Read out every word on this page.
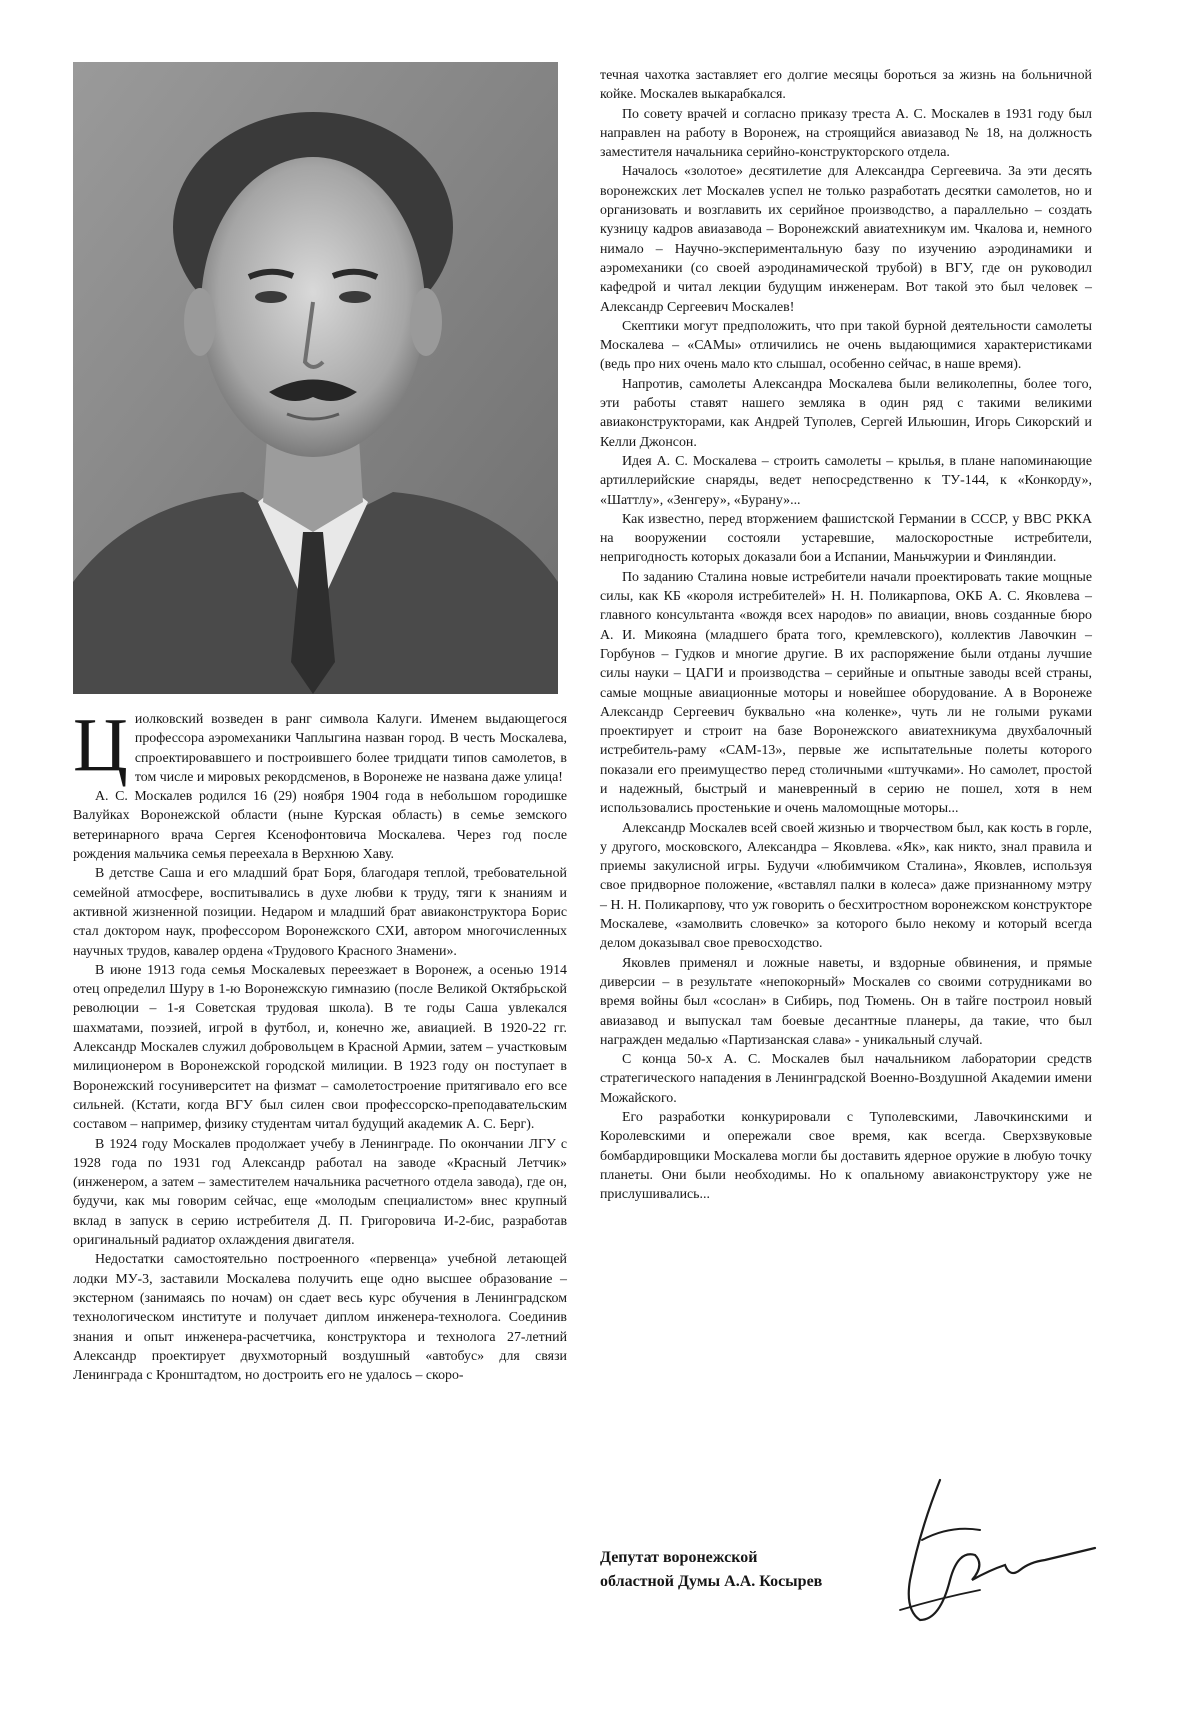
Циолковский возведен в ранг символа Калуги. Именем выдающегося профессора аэромеханики Чаплыгина назван город. В честь Москалева, спроектировавшего и построившего более тридцати типов самолетов, в том числе и мировых рекордсменов, в Воронеже не названа даже улица!

А. С. Москалев родился 16 (29) ноября 1904 года в небольшом городишке Валуйках Воронежской области (ныне Курская область) в семье земского ветеринарного врача Сергея Ксенофонтовича Москалева. Через год после рождения мальчика семья переехала в Верхнюю Хаву.

В детстве Саша и его младший брат Боря, благодаря теплой, требовательной семейной атмосфере, воспитывались в духе любви к труду, тяги к знаниям и активной жизненной позиции. Недаром и младший брат авиаконструктора Борис стал доктором наук, профессором Воронежского СХИ, автором многочисленных научных трудов, кавалер ордена «Трудового Красного Знамени».

В июне 1913 года семья Москалевых переезжает в Воронеж, а осенью 1914 отец определил Шуру в 1-ю Воронежскую гимназию (после Великой Октябрьской революции – 1-я Советская трудовая школа). В те годы Саша увлекался шахматами, поэзией, игрой в футбол, и, конечно же, авиацией. В 1920-22 гг. Александр Москалев служил добровольцем в Красной Армии, затем – участковым милиционером в Воронежской городской милиции. В 1923 году он поступает в Воронежский госуниверситет на физмат – самолетостроение притягивало его все сильней. (Кстати, когда ВГУ был силен свои профессорско-преподавательским составом – например, физику студентам читал будущий академик А. С. Берг).

В 1924 году Москалев продолжает учебу в Ленинграде. По окончании ЛГУ с 1928 года по 1931 год Александр работал на заводе «Красный Летчик» (инженером, а затем – заместителем начальника расчетного отдела завода), где он, будучи, как мы говорим сейчас, еще «молодым специалистом» внес крупный вклад в запуск в серию истребителя Д. П. Григоровича И-2-бис, разработав оригинальный радиатор охлаждения двигателя.

Недостатки самостоятельно построенного «первенца» учебной летающей лодки МУ-3, заставили Москалева получить еще одно высшее образование – экстерном (занимаясь по ночам) он сдает весь курс обучения в Ленинградском технологическом институте и получает диплом инженера-технолога. Соединив знания и опыт инженера-расчетчика, конструктора и технолога 27-летний Александр проектирует двухмоторный воздушный «автобус» для связи Ленинграда с Кронштадтом, но достроить его не удалось – скоро-

течная чахотка заставляет его долгие месяцы бороться за жизнь на больничной койке. Москалев выкарабкался.

По совету врачей и согласно приказу треста А. С. Москалев в 1931 году был направлен на работу в Воронеж, на строящийся авиазавод № 18, на должность заместителя начальника серийно-конструкторского отдела.

Началось «золотое» десятилетие для Александра Сергеевича. За эти десять воронежских лет Москалев успел не только разработать десятки самолетов, но и организовать и возглавить их серийное производство, а параллельно – создать кузницу кадров авиазавода – Воронежский авиатехникум им. Чкалова и, немного нимало – Научно-экспериментальную базу по изучению аэродинамики и аэромеханики (со своей аэродинамической трубой) в ВГУ, где он руководил кафедрой и читал лекции будущим инженерам. Вот такой это был человек – Александр Сергеевич Москалев!

Скептики могут предположить, что при такой бурной деятельности самолеты Москалева – «САМы» отличились не очень выдающимися характеристиками (ведь про них очень мало кто слышал, особенно сейчас, в наше время).

Напротив, самолеты Александра Москалева были великолепны, более того, эти работы ставят нашего земляка в один ряд с такими великими авиаконструкторами, как Андрей Туполев, Сергей Ильюшин, Игорь Сикорский и Келли Джонсон.

Идея А. С. Москалева – строить самолеты – крылья, в плане напоминающие артиллерийские снаряды, ведет непосредственно к ТУ-144, к «Конкорду», «Шаттлу», «Зенгеру», «Бурану»...

Как известно, перед вторжением фашистской Германии в СССР, у ВВС РККА на вооружении состояли устаревшие, малоскоростные истребители, непригодность которых доказали бои а Испании, Маньчжурии и Финляндии.

По заданию Сталина новые истребители начали проектировать такие мощные силы, как КБ «короля истребителей» Н. Н. Поликарпова, ОКБ А. С. Яковлева – главного консультанта «вождя всех народов» по авиации, вновь созданные бюро А. И. Микояна (младшего брата того, кремлевского), коллектив Лавочкин – Горбунов – Гудков и многие другие. В их распоряжение были отданы лучшие силы науки – ЦАГИ и производства – серийные и опытные заводы всей страны, самые мощные авиационные моторы и новейшее оборудование. А в Воронеже Александр Сергеевич буквально «на коленке», чуть ли не голыми руками проектирует и строит на базе Воронежского авиатехникума двухбалочный истребитель-раму «САМ-13», первые же испытательные полеты которого показали его преимущество перед столичными «штучками». Но самолет, простой и надежный, быстрый и маневренный в серию не пошел, хотя в нем использовались простенькие и очень маломощные моторы...

Александр Москалев всей своей жизнью и творчеством был, как кость в горле, у другого, московского, Александра – Яковлева. «Як», как никто, знал правила и приемы закулисной игры. Будучи «любимчиком Сталина», Яковлев, используя свое придворное положение, «вставлял палки в колеса» даже признанному мэтру – Н. Н. Поликарпову, что уж говорить о бесхитростном воронежском конструкторе Москалеве, «замолвить словечко» за которого было некому и который всегда делом доказывал свое превосходство.

Яковлев применял и ложные наветы, и вздорные обвинения, и прямые диверсии – в результате «непокорный» Москалев со своими сотрудниками во время войны был «сослан» в Сибирь, под Тюмень. Он в тайге построил новый авиазавод и выпускал там боевые десантные планеры, да такие, что был награжден медалью «Партизанская слава» - уникальный случай.

С конца 50-х А. С. Москалев был начальником лаборатории средств стратегического нападения в Ленинградской Военно-Воздушной Академии имени Можайского.

Его разработки конкурировали с Туполевскими, Лавочкинскими и Королевскими и опережали свое время, как всегда. Сверхзвуковые бомбардировщики Москалева могли бы доставить ядерное оружие в любую точку планеты. Они были необходимы. Но к опальному авиаконструктору уже не прислушивались...

Депутат воронежской
областной Думы А.А. Косырев
